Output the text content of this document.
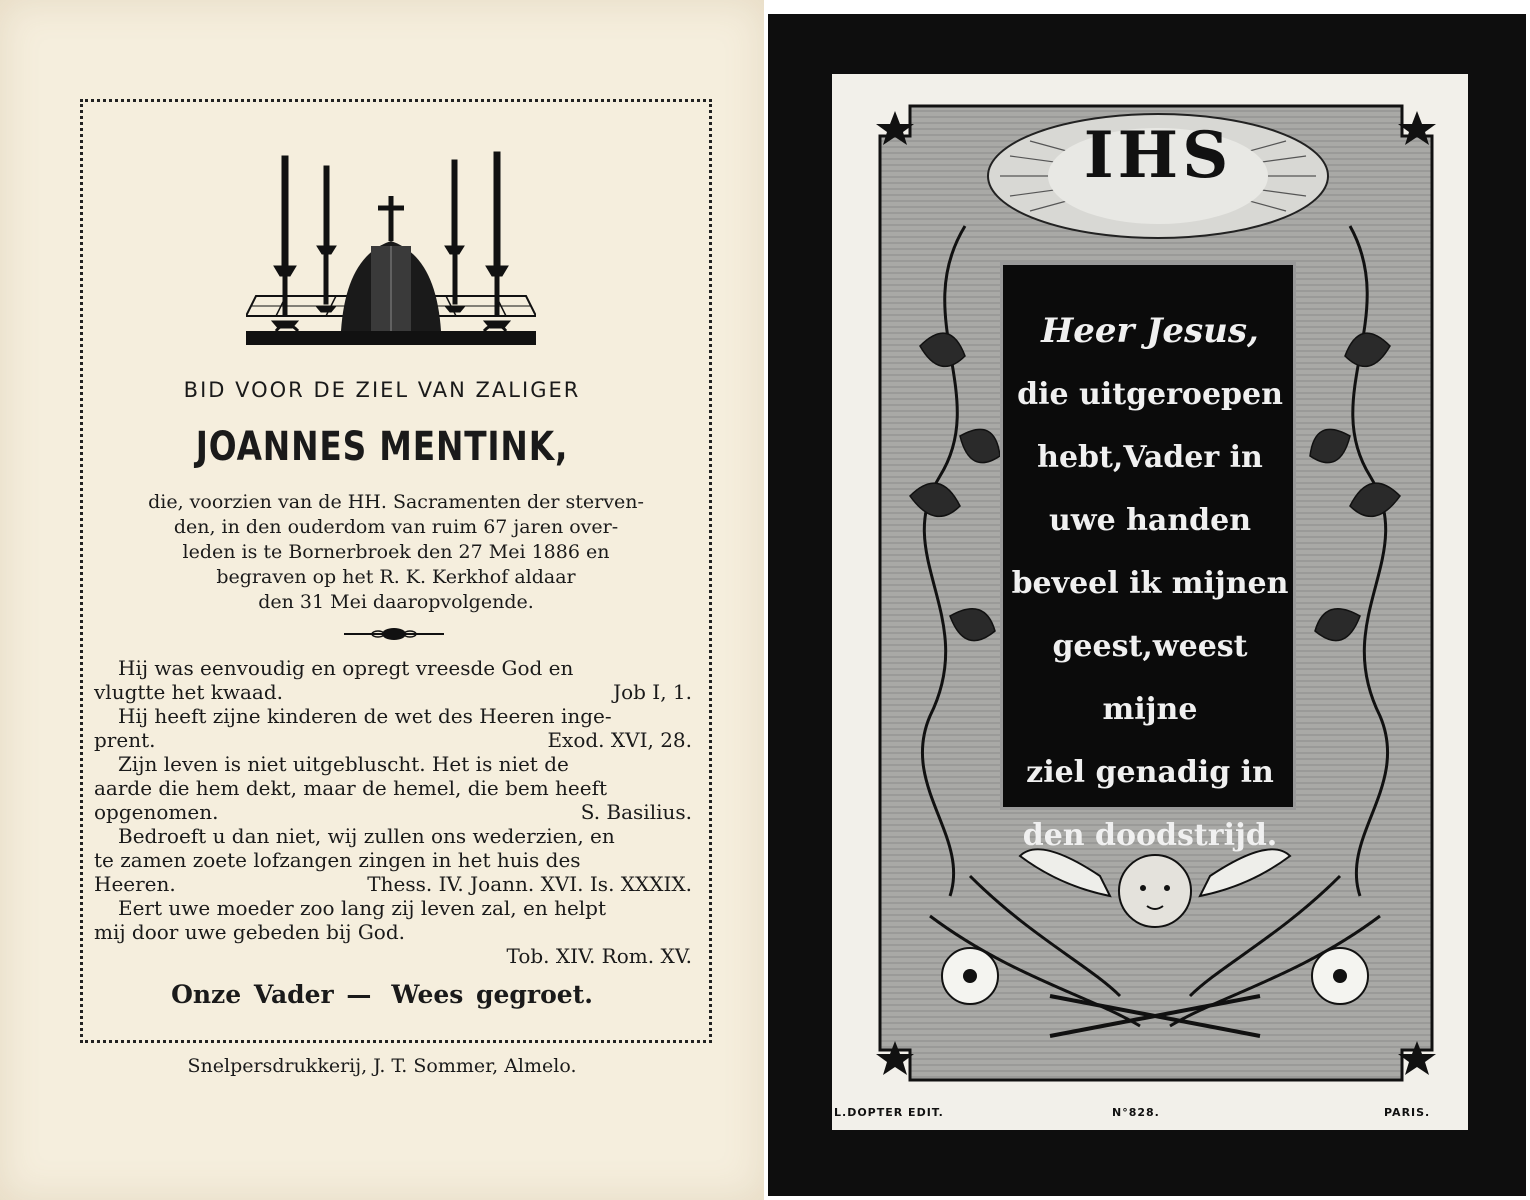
BID VOOR DE ZIEL VAN ZALIGER
JOANNES MENTINK,
die, voorzien van de HH. Sacramenten der sterven-
den, in den ouderdom van ruim 67 jaren over-
leden is te Bornerbroek den 27 Mei 1886 en
begraven op het R. K. Kerkhof aldaar
den 31 Mei daaropvolgende.
Hij was eenvoudig en opregt vreesde God en
vlugtte het kwaad.	Job I, 1.
Hij heeft zijne kinderen de wet des Heeren inge-
prent.	Exod. XVI, 28.
Zijn leven is niet uitgebluscht. Het is niet de
aarde die hem dekt, maar de hemel, die bem heeft
opgenomen.	S. Basilius.
Bedroeft u dan niet, wij zullen ons wederzien, en
te zamen zoete lofzangen zingen in het huis des
Heeren.	Thess. IV. Joann. XVI. Is. XXXIX.
Eert uwe moeder zoo lang zij leven zal, en helpt
mij door uwe gebeden bij God.
Tob. XIV. Rom. XV.
Onze Vader — Wees gegroet.
Snelpersdrukkerij, J. T. Sommer, Almelo.
IHS
Heer Jesus,
die uitgeroepen
hebt,Vader in
uwe handen
beveel ik mijnen
geest,weest mijne
ziel genadig in
den doodstrijd.
L.DOPTER EDIT.	N°828.	PARIS.
